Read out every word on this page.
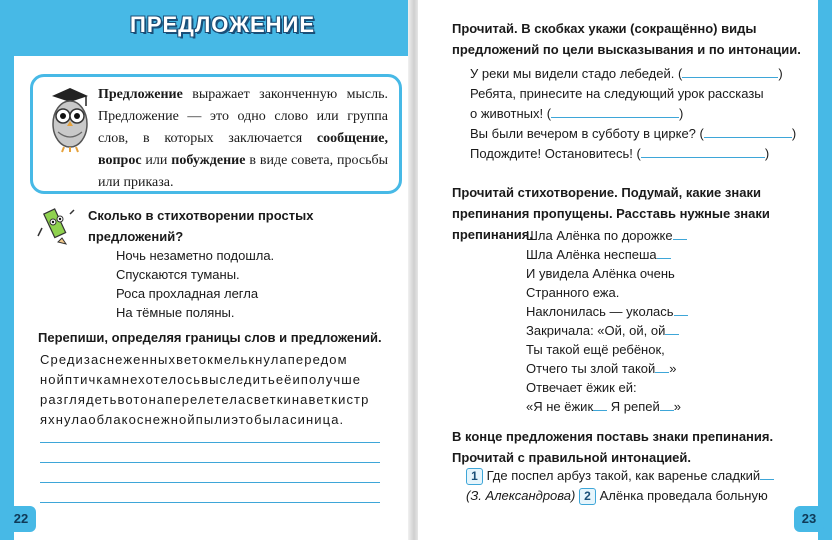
ПРЕДЛОЖЕНИЕ
Предложение выражает законченную мысль. Предложение — это одно слово или группа слов, в которых заключается сообщение, вопрос или побуждение в виде совета, просьбы или приказа.
Сколько в стихотворении простых предложений?
Ночь незаметно подошла.
Спускаются туманы.
Роса прохладная легла
На тёмные поляны.
Перепиши, определяя границы слов и предложений.
Средизаснеженныхветокмелькнулапередом
нойптичкамнехотелосьвыследитьеёиполучше
разглядетьвотонаперелетеласветкинаветкистр
яхнулаоблакоснежнойпылиэтобыласиница.
22
Прочитай. В скобках укажи (сокращённо) виды предложений по цели высказывания и по интонации.
У реки мы видели стадо лебедей. (	)
Ребята, принесите на следующий урок рассказы
о животных! (	)
Вы были вечером в субботу в цирке? (	)
Подождите! Остановитесь! (	)
Прочитай стихотворение. Подумай, какие знаки препинания пропущены. Расставь нужные знаки препинания.
Шла Алёнка по дорожке
Шла Алёнка неспеша
И увидела Алёнка очень
Странного ежа.
Наклонилась — уколась
Закричала: «Ой, ой, ой
Ты такой ещё ребёнок,
Отчего ты злой такой »
Отвечает ёжик ей:
«Я не ёжик Я репей »
В конце предложения поставь знаки препинания. Прочитай с правильной интонацией.
1 Где поспел арбуз такой, как варенье сладкий
(З. Александрова) 2 Алёнка проведала больную
23
